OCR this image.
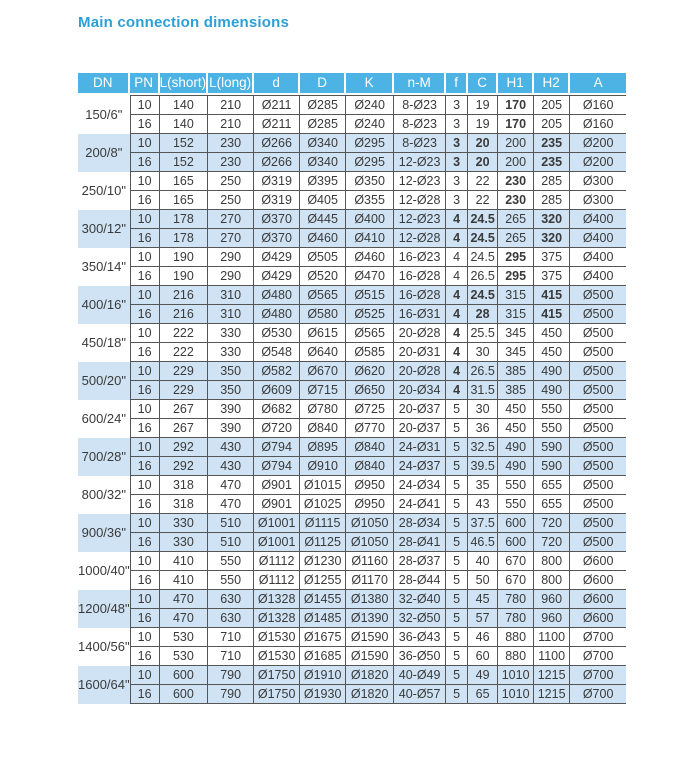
Main connection dimensions
DN	PN	L(short)	L(long)	d	D	K	n-M	f	C	H1	H2	A
150/6"	10	140	210	Ø211	Ø285	Ø240	8-Ø23	3	19	170	205	Ø160
	16	140	210	Ø211	Ø285	Ø240	8-Ø23	3	19	170	205	Ø160
200/8"	10	152	230	Ø266	Ø340	Ø295	8-Ø23	3	20	200	235	Ø200
	16	152	230	Ø266	Ø340	Ø295	12-Ø23	3	20	200	235	Ø200
250/10"	10	165	250	Ø319	Ø395	Ø350	12-Ø23	3	22	230	285	Ø300
	16	165	250	Ø319	Ø405	Ø355	12-Ø28	3	22	230	285	Ø300
300/12"	10	178	270	Ø370	Ø445	Ø400	12-Ø23	4	24.5	265	320	Ø400
	16	178	270	Ø370	Ø460	Ø410	12-Ø28	4	24.5	265	320	Ø400
350/14"	10	190	290	Ø429	Ø505	Ø460	16-Ø23	4	24.5	295	375	Ø400
	16	190	290	Ø429	Ø520	Ø470	16-Ø28	4	26.5	295	375	Ø400
400/16"	10	216	310	Ø480	Ø565	Ø515	16-Ø28	4	24.5	315	415	Ø500
	16	216	310	Ø480	Ø580	Ø525	16-Ø31	4	28	315	415	Ø500
450/18"	10	222	330	Ø530	Ø615	Ø565	20-Ø28	4	25.5	345	450	Ø500
	16	222	330	Ø548	Ø640	Ø585	20-Ø31	4	30	345	450	Ø500
500/20"	10	229	350	Ø582	Ø670	Ø620	20-Ø28	4	26.5	385	490	Ø500
	16	229	350	Ø609	Ø715	Ø650	20-Ø34	4	31.5	385	490	Ø500
600/24"	10	267	390	Ø682	Ø780	Ø725	20-Ø37	5	30	450	550	Ø500
	16	267	390	Ø720	Ø840	Ø770	20-Ø37	5	36	450	550	Ø500
700/28"	10	292	430	Ø794	Ø895	Ø840	24-Ø31	5	32.5	490	590	Ø500
	16	292	430	Ø794	Ø910	Ø840	24-Ø37	5	39.5	490	590	Ø500
800/32"	10	318	470	Ø901	Ø1015	Ø950	24-Ø34	5	35	550	655	Ø500
	16	318	470	Ø901	Ø1025	Ø950	24-Ø41	5	43	550	655	Ø500
900/36"	10	330	510	Ø1001	Ø1115	Ø1050	28-Ø34	5	37.5	600	720	Ø500
	16	330	510	Ø1001	Ø1125	Ø1050	28-Ø41	5	46.5	600	720	Ø500
1000/40"	10	410	550	Ø1112	Ø1230	Ø1160	28-Ø37	5	40	670	800	Ø600
	16	410	550	Ø1112	Ø1255	Ø1170	28-Ø44	5	50	670	800	Ø600
1200/48"	10	470	630	Ø1328	Ø1455	Ø1380	32-Ø40	5	45	780	960	Ø600
	16	470	630	Ø1328	Ø1485	Ø1390	32-Ø50	5	57	780	960	Ø600
1400/56"	10	530	710	Ø1530	Ø1675	Ø1590	36-Ø43	5	46	880	1100	Ø700
	16	530	710	Ø1530	Ø1685	Ø1590	36-Ø50	5	60	880	1100	Ø700
1600/64"	10	600	790	Ø1750	Ø1910	Ø1820	40-Ø49	5	49	1010	1215	Ø700
	16	600	790	Ø1750	Ø1930	Ø1820	40-Ø57	5	65	1010	1215	Ø700
